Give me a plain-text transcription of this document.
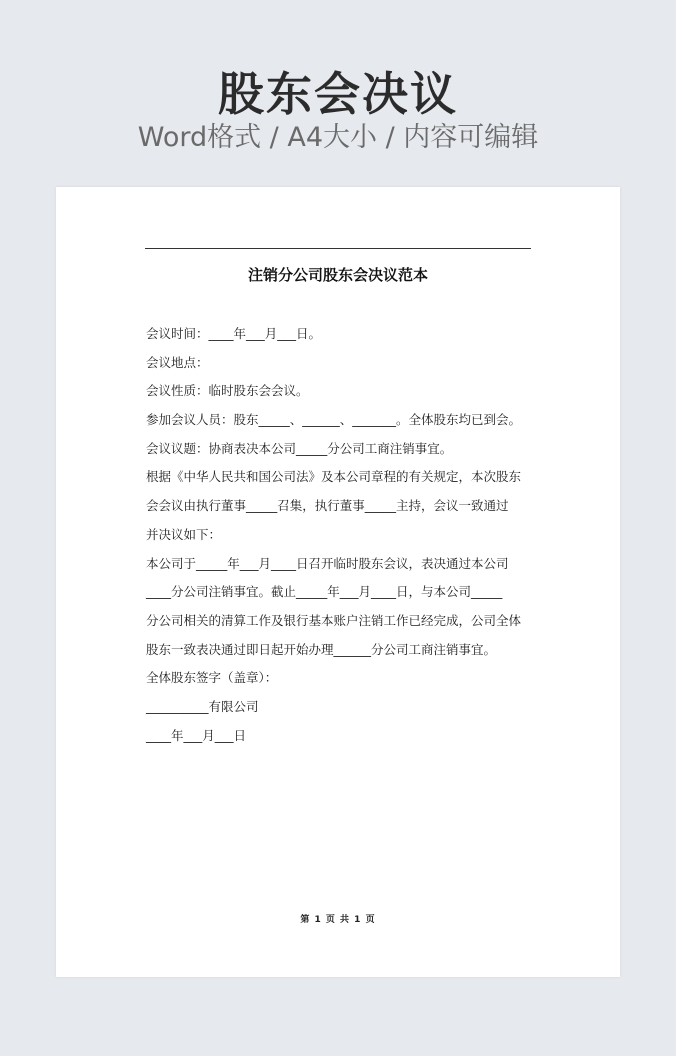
股东会决议
Word格式 / A4大小 / 内容可编辑
注销分公司股东会决议范本
会议时间：____年___月___日。
会议地点：
会议性质：临时股东会会议。
参加会议人员：股东_____、______、_______。全体股东均已到会。
会议议题：协商表决本公司_____分公司工商注销事宜。
根据《中华人民共和国公司法》及本公司章程的有关规定，本次股东
会会议由执行董事_____召集，执行董事_____主持，会议一致通过
并决议如下：
本公司于_____年___月____日召开临时股东会议，表决通过本公司
____分公司注销事宜。截止_____年___月____日，与本公司_____
分公司相关的清算工作及银行基本账户注销工作已经完成，公司全体
股东一致表决通过即日起开始办理______分公司工商注销事宜。
全体股东签字（盖章）：
__________有限公司
____年___月___日
第 1 页 共 1 页
